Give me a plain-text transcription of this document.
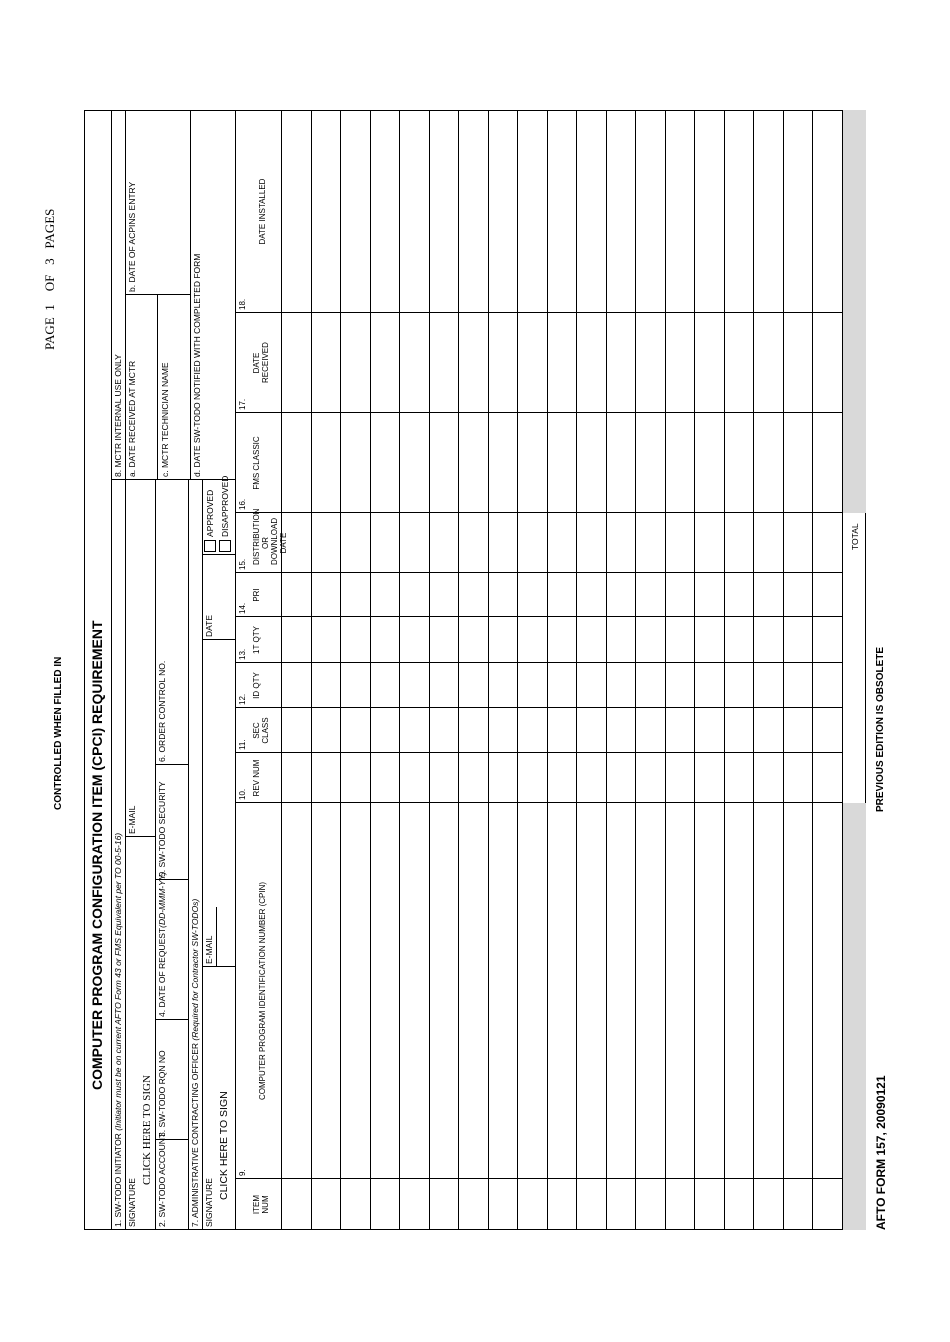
CONTROLLED WHEN FILLED IN
PAGE  1    OF   3   PAGES
COMPUTER PROGRAM CONFIGURATION ITEM (CPCI) REQUIREMENT
1. SW-TODO INITIATOR (Initiator must be on current AFTO Form 43 or FMS Equivalent per TO 00-5-16)
SIGNATURE
CLICK HERE TO SIGN
E-MAIL
2. SW-TODO ACCOUNT
3. SW-TODO RQN NO
4. DATE OF REQUEST(DD-MMM-YY)
5. SW-TODO SECURITY
6. ORDER CONTROL NO.
7. ADMINISTRATIVE CONTRACTING OFFICER (Required for Contractor SW-TODOs)
SIGNATURE
CLICK HERE TO SIGN
E-MAIL
DATE
APPROVED DISAPPROVED
8. MCTR INTERNAL USE ONLY a. DATE RECEIVED AT MCTR
b. DATE OF ACPINS ENTRY
c. MCTR TECHNICIAN NAME	d. DATE SW-TODO NOTIFIED WITH COMPLETED FORM
ITEM NUM
9.
COMPUTER PROGRAM IDENTIFICATION NUMBER (CPIN)
10. REV NUM
11.
SEC CLASS
12.
ID QTY
13.
1T QTY
14.
PRI
15. DISTRIBUTION OR DOWNLOAD DATE
16.
FMS CLASSIC
17.
DATE RECEIVED
18.
DATE INSTALLED
TOTAL
AFTO FORM 157, 20090121
PREVIOUS EDITION IS OBSOLETE
